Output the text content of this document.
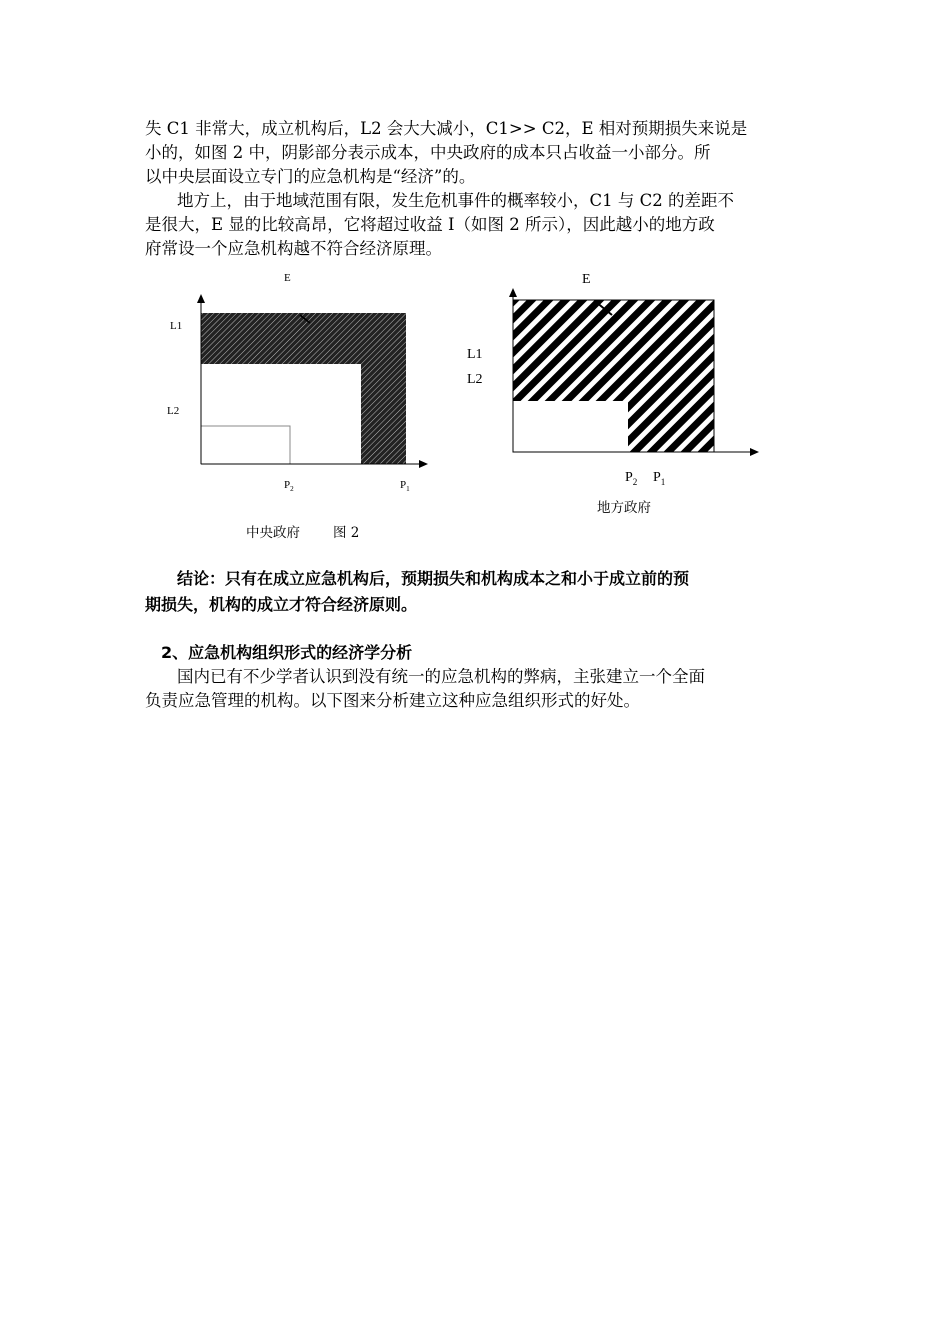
失 C1 非常大，成立机构后，L2 会大大减小，C1>> C2，E 相对预期损失来说是
小的，如图 2 中，阴影部分表示成本，中央政府的成本只占收益一小部分。所
以中央层面设立专门的应急机构是“经济”的。

地方上，由于地域范围有限，发生危机事件的概率较小，C1 与 C2 的差距不
是很大，E 显的比较高昂，它将超过收益 I（如图 2 所示），因此越小的地方政
府常设一个应急机构越不符合经济原理。

E
L1
L2
$P_2$	$P_1$
中央政府 图 2
E
L1
L2
$P_2$ $P_1$
地方政府

结论：只有在成立应急机构后，预期损失和机构成本之和小于成立前的预
期损失，机构的成立才符合经济原则。

2、应急机构组织形式的经济学分析

国内已有不少学者认识到没有统一的应急机构的弊病，主张建立一个全面
负责应急管理的机构。以下图来分析建立这种应急组织形式的好处。
